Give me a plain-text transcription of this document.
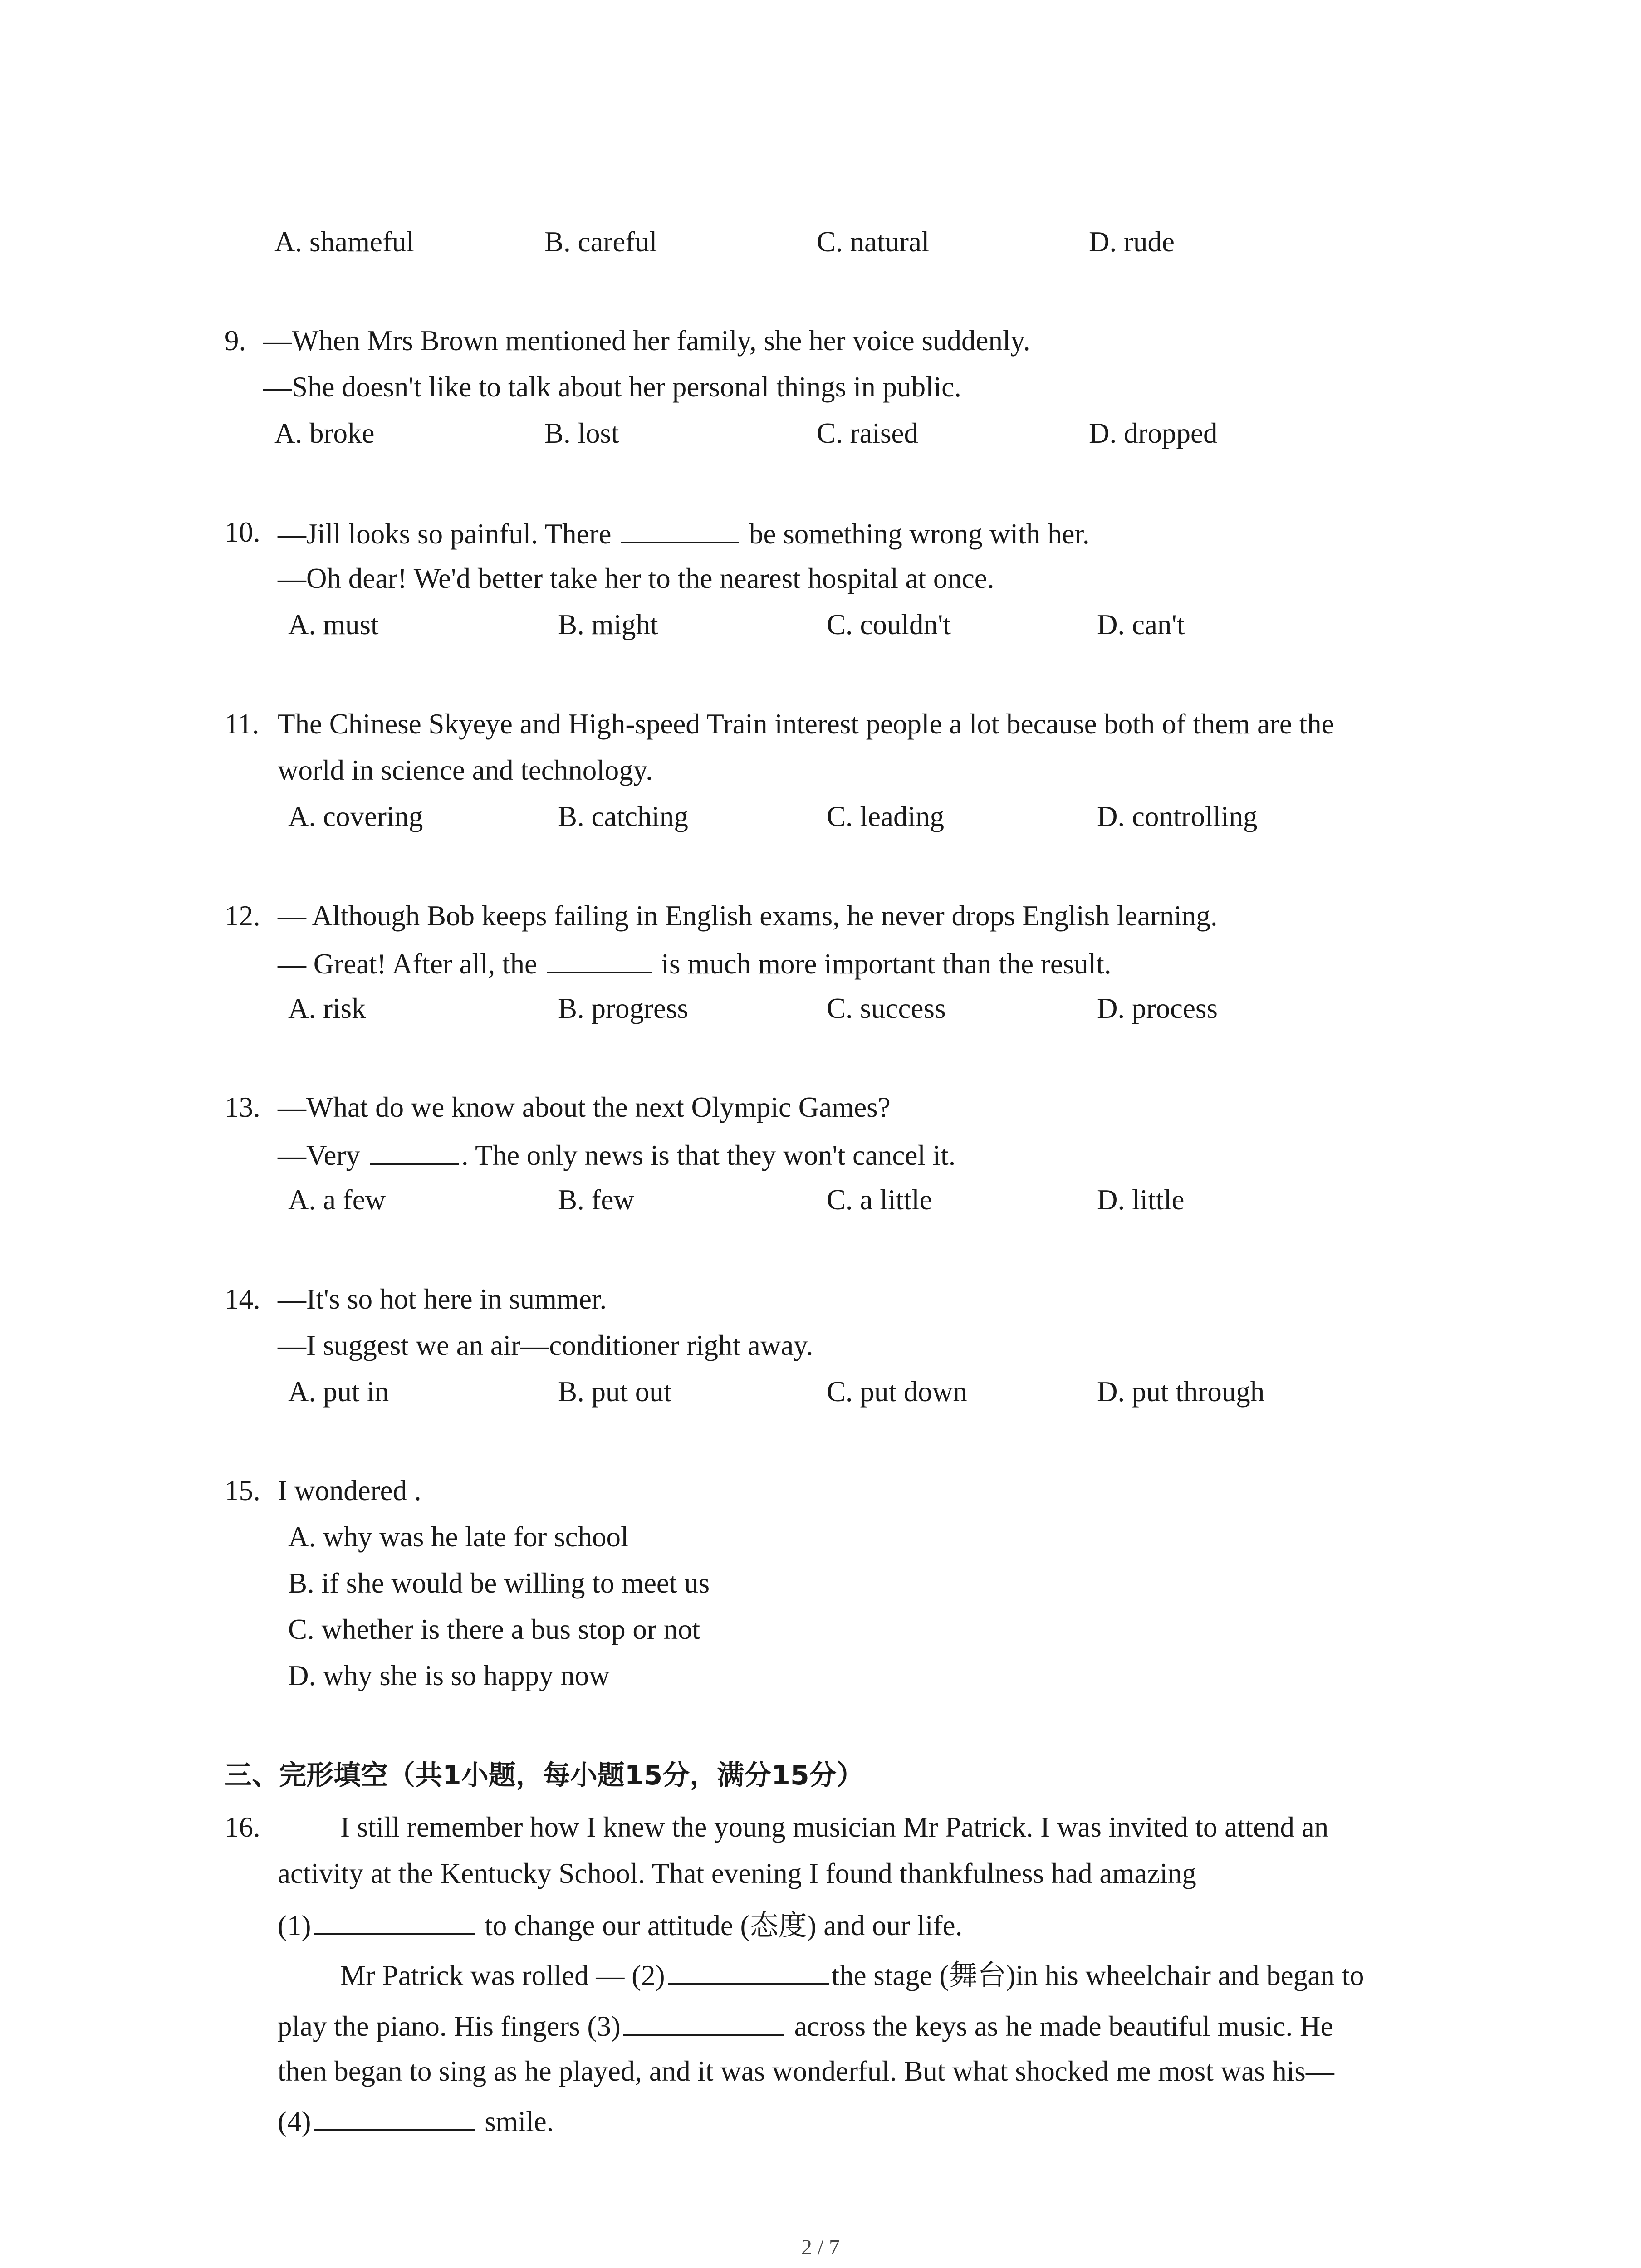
A. shameful	B. careful	C. natural	D. rude
9. —When Mrs Brown mentioned her family, she her voice suddenly.
—She doesn't like to talk about her personal things in public.
A. broke	B. lost	C. raised	D. dropped
10. —Jill looks so painful. There	be something wrong with her.
—Oh dear! We'd better take her to the nearest hospital at once.
A. must	B. might	C. couldn't	D. can't
11. The Chinese Skyeye and High-speed Train interest people a lot because both of them are the
world in science and technology.
A. covering	B. catching	C. leading	D. controlling
12. — Although Bob keeps failing in English exams, he never drops English learning.
— Great! After all, the	is much more important than the result.
A. risk	B. progress	C. success	D. process
13. —What do we know about the next Olympic Games?
—Very	. The only news is that they won't cancel it.
A. a few	B. few	C. a little	D. little
14. —It's so hot here in summer.
—I suggest we an air—conditioner right away.
A. put in	B. put out	C. put down	D. put through
15. I wondered .
A. why was he late for school
B. if she would be willing to meet us
C. whether is there a bus stop or not
D. why she is so happy now
三、完形填空（共1小题，每小题15分，满分15分）
16.	I still remember how I knew the young musician Mr Patrick. I was invited to attend an
activity at the Kentucky School. That evening I found thankfulness had amazing
(1)	to change our attitude (态度) and our life.
Mr Patrick was rolled — (2)	the stage (舞台)in his wheelchair and began to
play the piano. His fingers (3)	across the keys as he made beautiful music. He
then began to sing as he played, and it was wonderful. But what shocked me most was his—
(4)	smile.
2 / 7
